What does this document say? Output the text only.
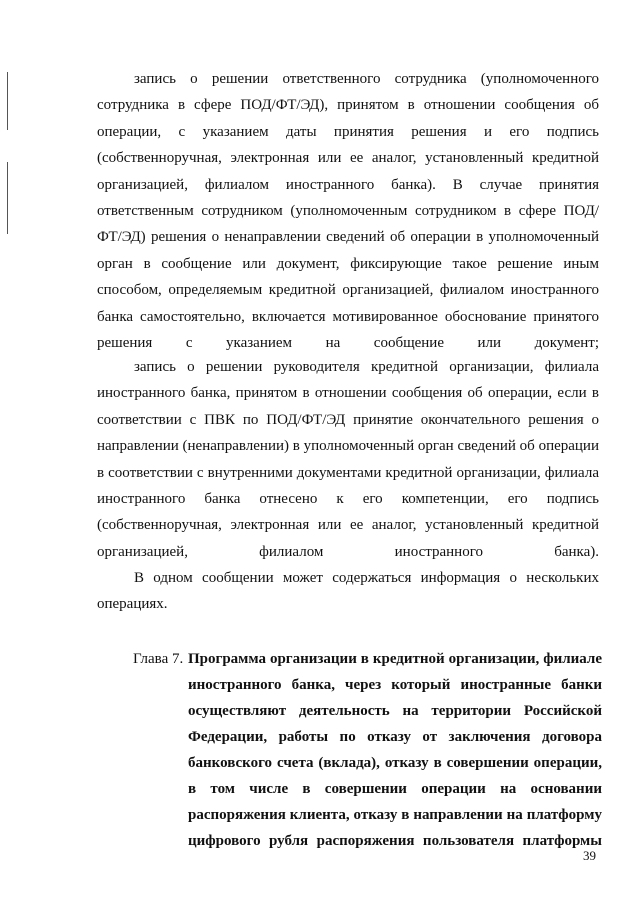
запись о решении ответственного сотрудника (уполномоченного сотрудника в сфере ПОД/ФТ/ЭД), принятом в отношении сообщения об операции, с указанием даты принятия решения и его подпись (собственноручная, электронная или ее аналог, установленный кредитной организацией, филиалом иностранного банка). В случае принятия ответственным сотрудником (уполномоченным сотрудником в сфере ПОД/ФТ/ЭД) решения о ненаправлении сведений об операции в уполномоченный орган в сообщение или документ, фиксирующие такое решение иным способом, определяемым кредитной организацией, филиалом иностранного банка самостоятельно, включается мотивированное обоснование принятого решения с указанием на сообщение или документ;

запись о решении руководителя кредитной организации, филиала иностранного банка, принятом в отношении сообщения об операции, если в соответствии с ПВК по ПОД/ФТ/ЭД принятие окончательного решения о направлении (ненаправлении) в уполномоченный орган сведений об операции в соответствии с внутренними документами кредитной организации, филиала иностранного банка отнесено к его компетенции, его подпись (собственноручная, электронная или ее аналог, установленный кредитной организацией, филиалом иностранного банка).

В одном сообщении может содержаться информация о нескольких операциях.

Глава 7. Программа организации в кредитной организации, филиале иностранного банка, через который иностранные банки осуществляют деятельность на территории Российской Федерации, работы по отказу от заключения договора банковского счета (вклада), отказу в совершении операции, в том числе в совершении операции на основании распоряжения клиента, отказу в направлении на платформу цифрового рубля распоряжения пользователя платформы
39
